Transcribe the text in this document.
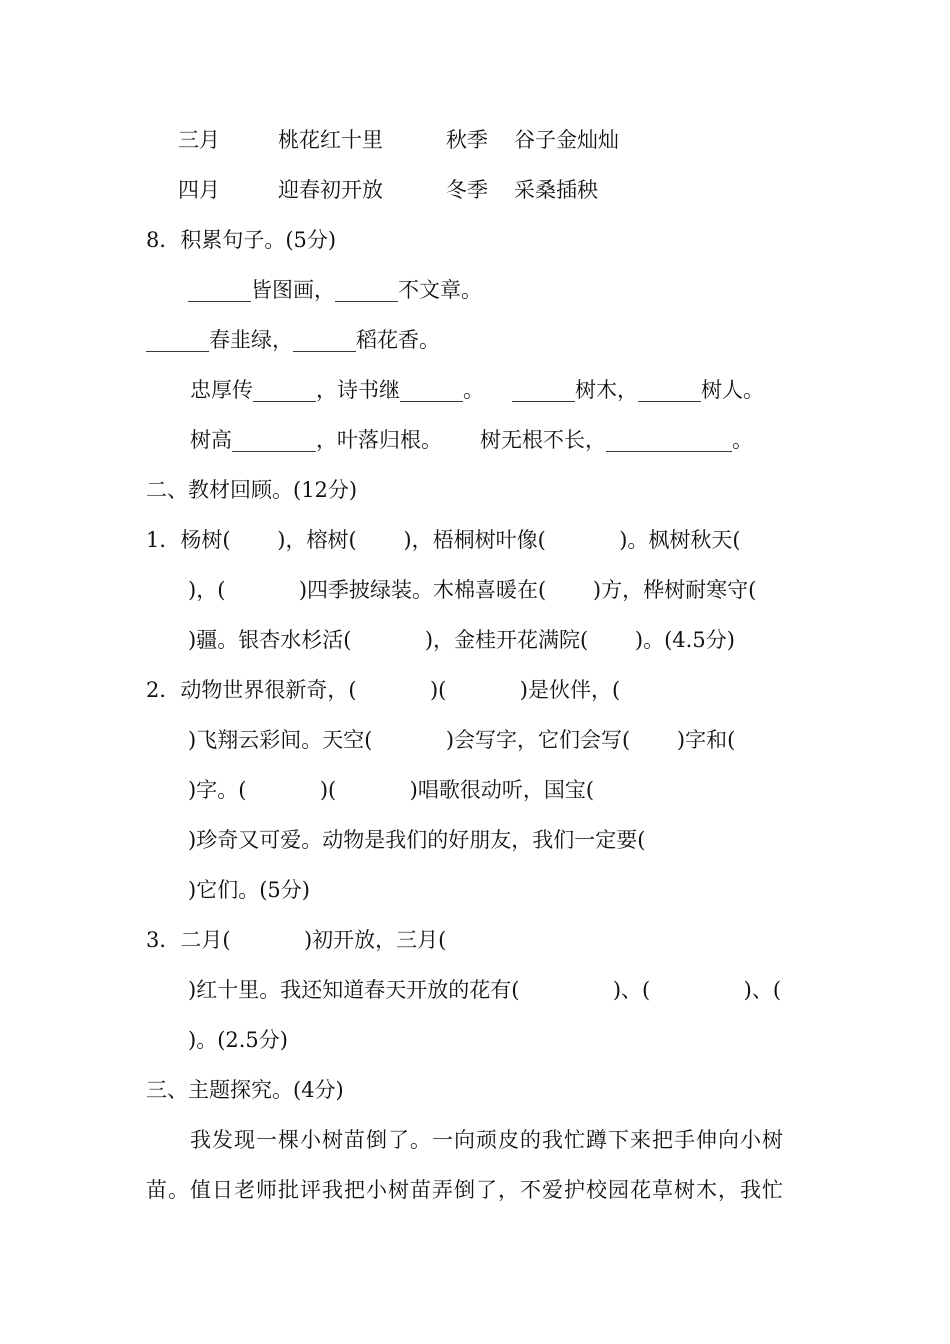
三月	桃花红十里	秋季 谷子金灿灿
四月	迎春初开放	冬季 采桑插秧
8．积累句子。(5分)
______皆图画，______不文章。
______春韭绿，______稻花香。
忠厚传______，诗书继______。 ______树木，______树人。
树高________，叶落归根。 树无根不长，____________。
二、教材回顾。(12分)
1．杨树(       )，榕树(       )，梧桐树叶像(           )。枫树秋天(
)，(           )四季披绿装。木棉喜暖在(       )方，桦树耐寒守(
)疆。银杏水杉活(           )，金桂开花满院(       )。(4.5分)
2．动物世界很新奇，(           )(           )是伙伴，(
)飞翔云彩间。天空(           )会写字，它们会写(       )字和(
)字。(           )(           )唱歌很动听，国宝(
)珍奇又可爱。动物是我们的好朋友，我们一定要(
)它们。(5分)
3．二月(           )初开放，三月(
)红十里。我还知道春天开放的花有(              )、(              )、(
)。(2.5分)
三、主题探究。(4分)
我发现一棵小树苗倒了。一向顽皮的我忙蹲下来把手伸向小树
苗。值日老师批评我把小树苗弄倒了，不爱护校园花草树木，我忙
